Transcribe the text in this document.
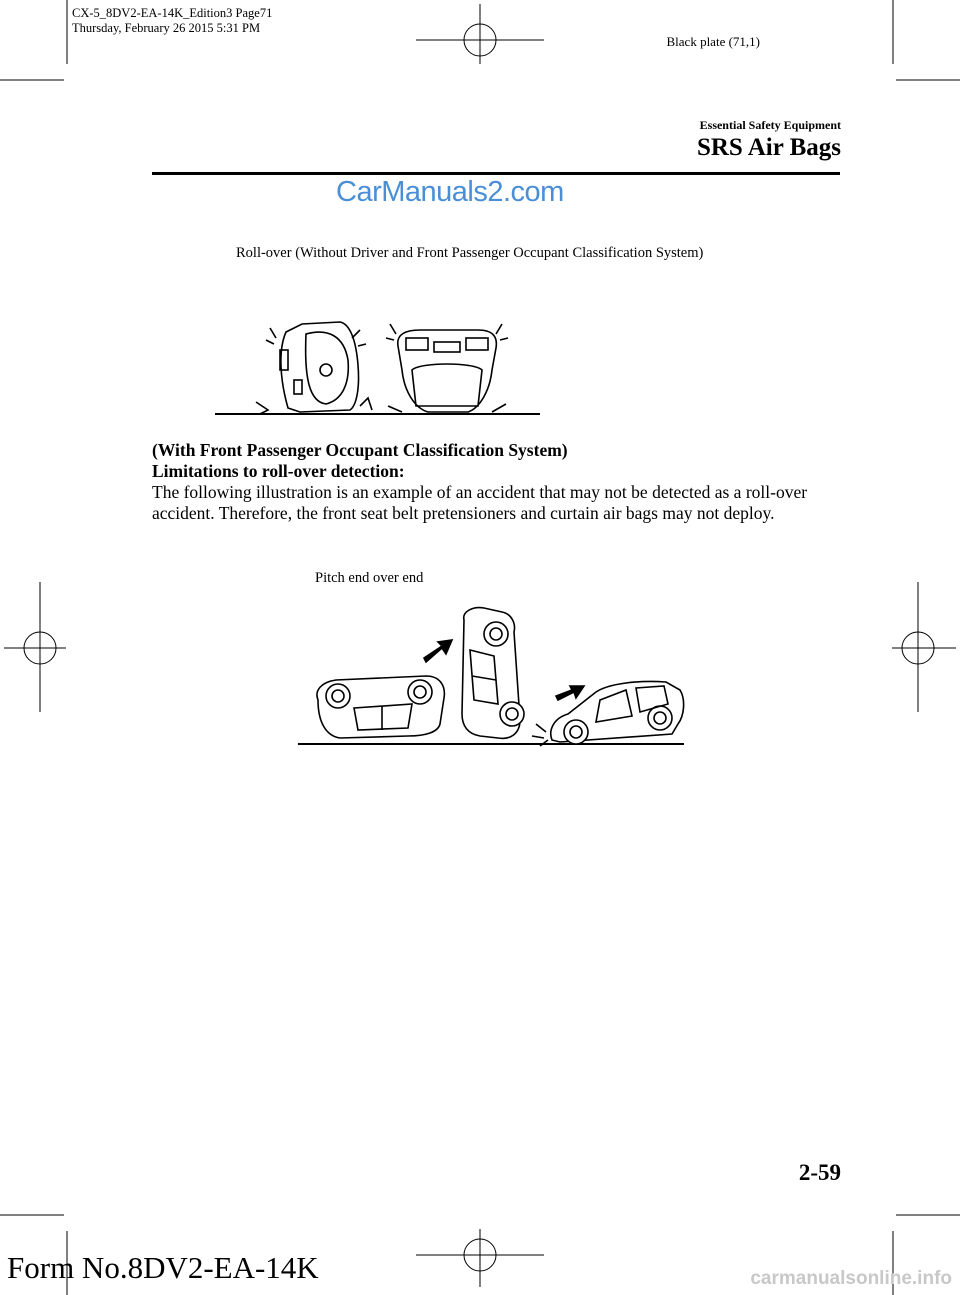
CX-5_8DV2-EA-14K_Edition3 Page71
Thursday, February 26 2015 5:31 PM
Black plate (71,1)
Essential Safety Equipment
SRS Air Bags
CarManuals2.com
Roll-over (Without Driver and Front Passenger Occupant Classification System)
(With Front Passenger Occupant Classification System)
Limitations to roll-over detection:
The following illustration is an example of an accident that may not be detected as a roll-over accident. Therefore, the front seat belt pretensioners and curtain air bags may not deploy.
Pitch end over end
2-59
Form No.8DV2-EA-14K	carmanualsonline.info
